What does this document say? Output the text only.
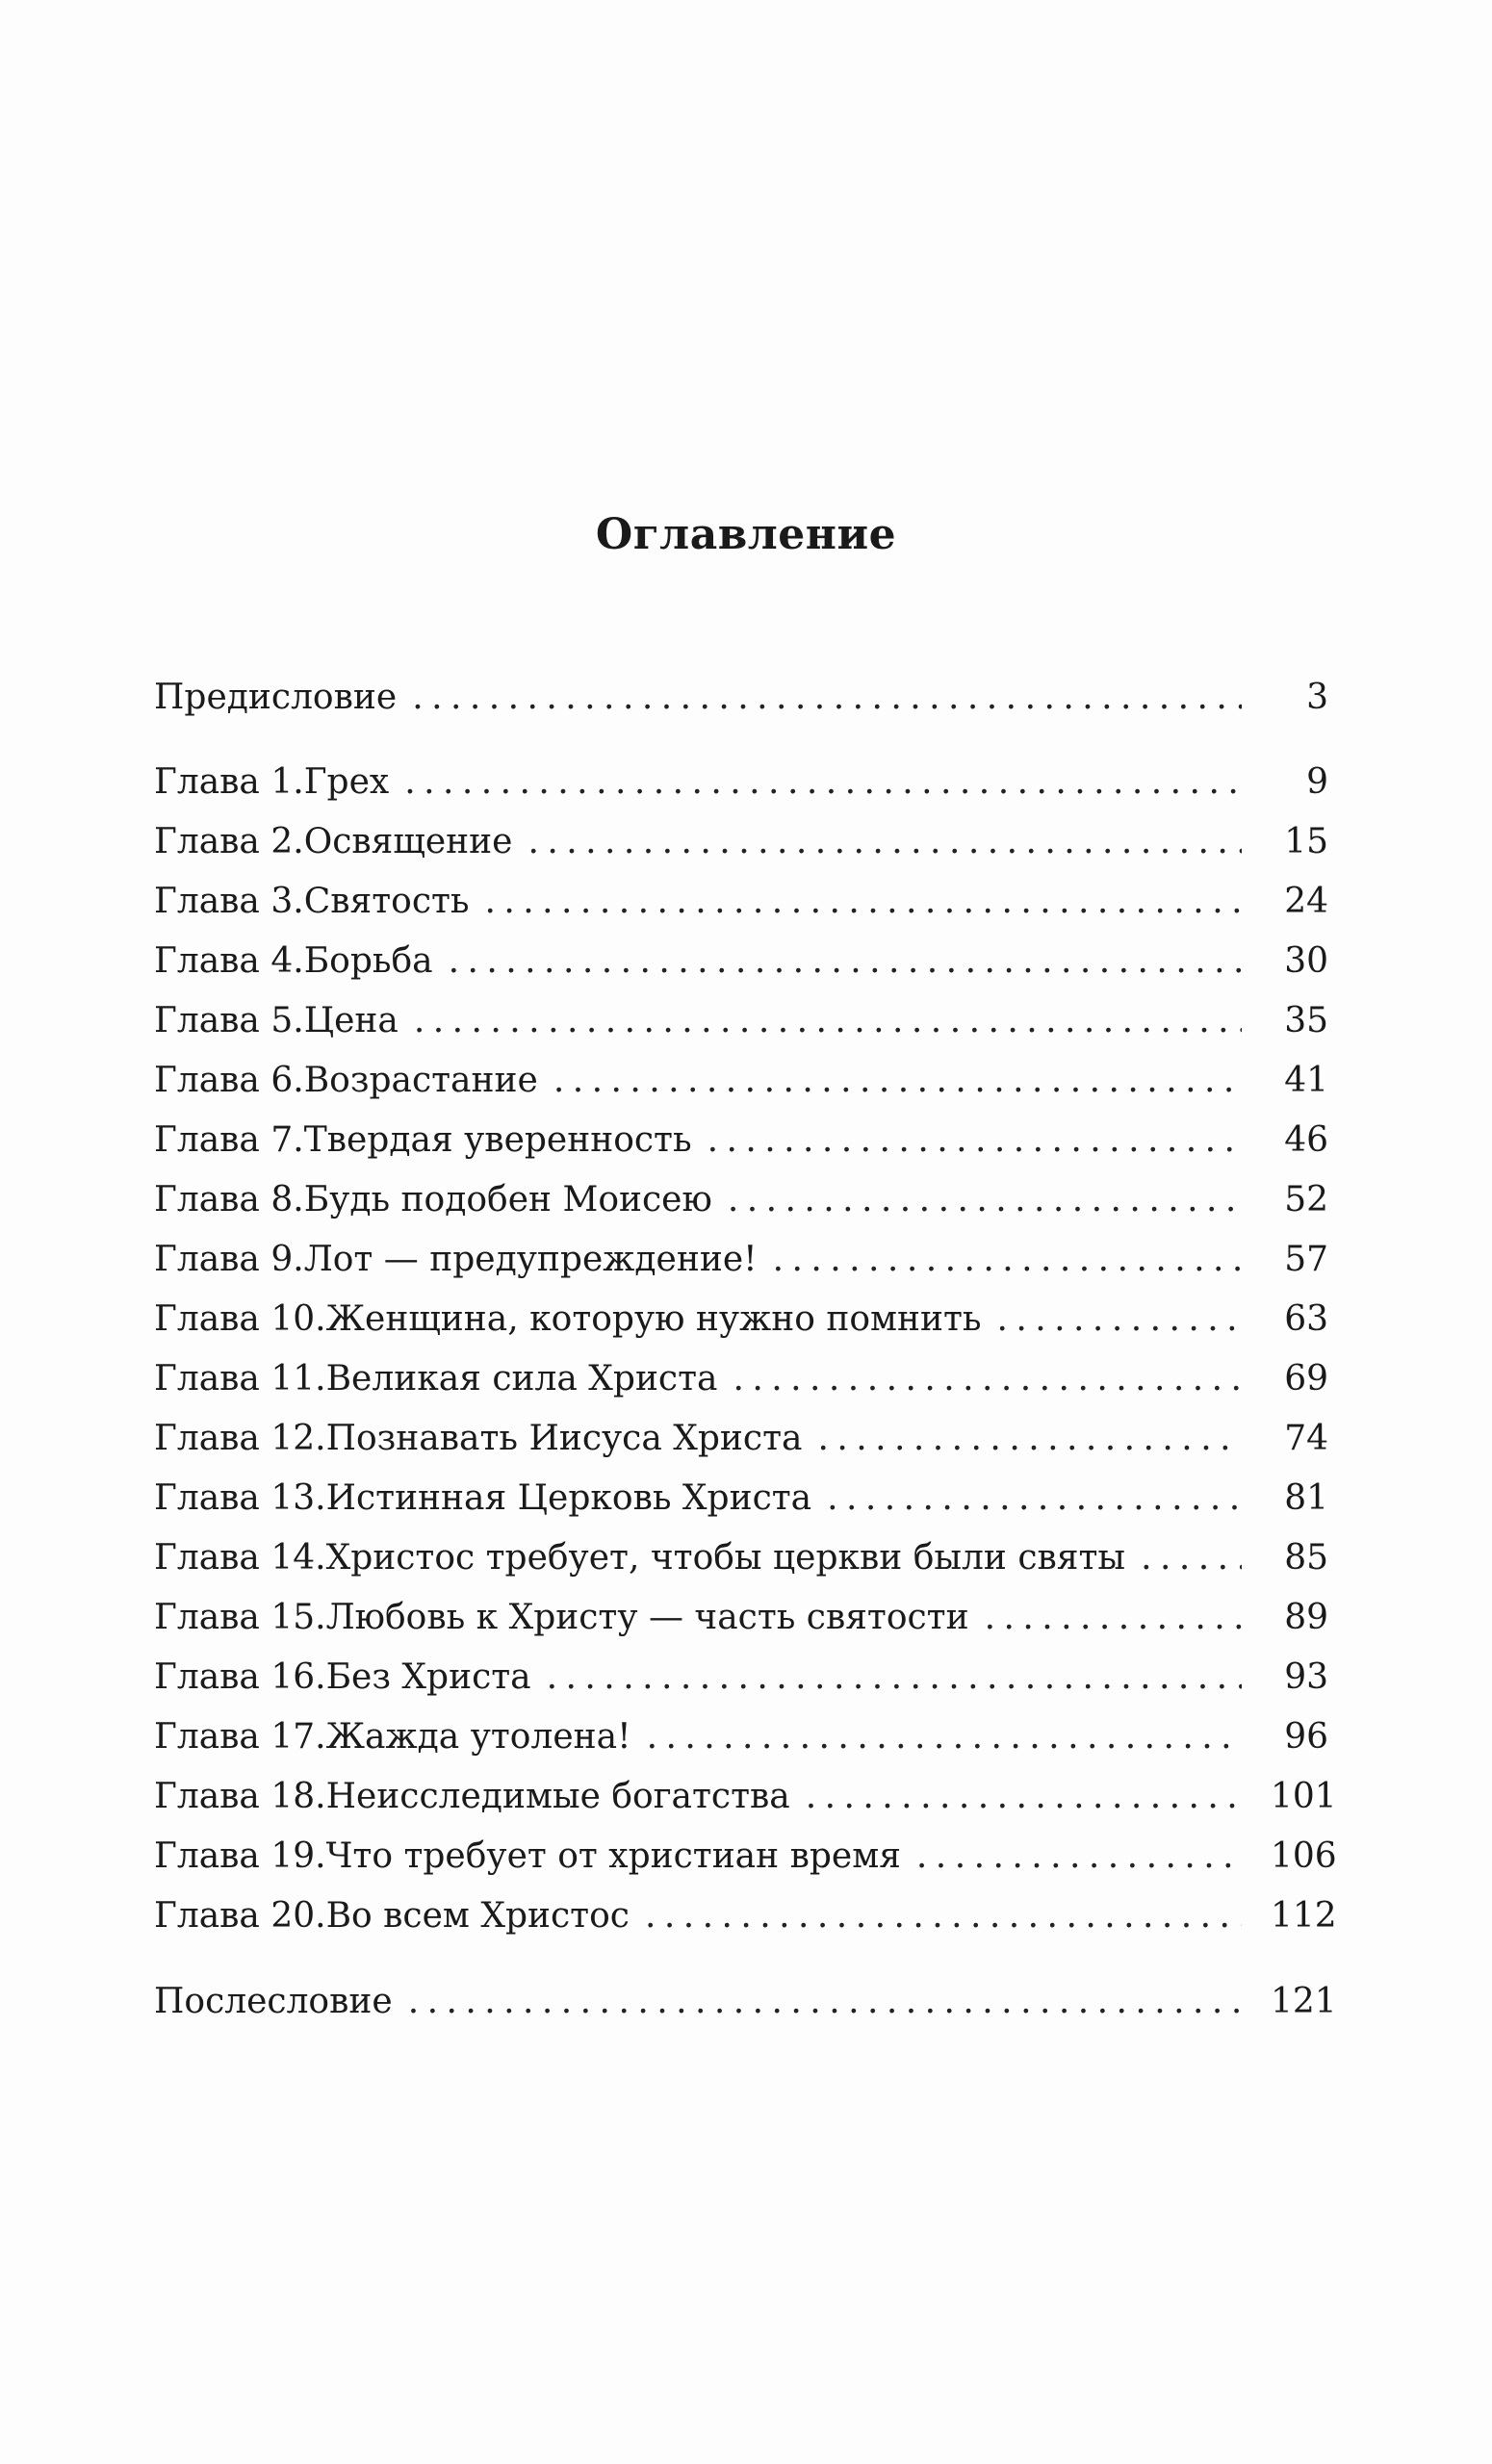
Оглавление
Предисловие . . .	3
Глава 1. Грех . . .	9
Глава 2. Освящение . . .	15
Глава 3. Святость . . .	24
Глава 4. Борьба . . .	30
Глава 5. Цена . . .	35
Глава 6. Возрастание . . .	41
Глава 7. Твердая уверенность . . .	46
Глава 8. Будь подобен Моисею . . .	52
Глава 9. Лот — предупреждение! . . .	57
Глава 10. Женщина, которую нужно помнить . . .	63
Глава 11. Великая сила Христа . . .	69
Глава 12. Познавать Иисуса Христа . . .	74
Глава 13. Истинная Церковь Христа . . .	81
Глава 14. Христос требует, чтобы церкви были святы . . .	85
Глава 15. Любовь к Христу — часть святости . . .	89
Глава 16. Без Христа . . .	93
Глава 17. Жажда утолена! . . .	96
Глава 18. Неисследимые богатства . . .	101
Глава 19. Что требует от христиан время . . .	106
Глава 20. Во всем Христос . . .	112
Послесловие . . .	121
